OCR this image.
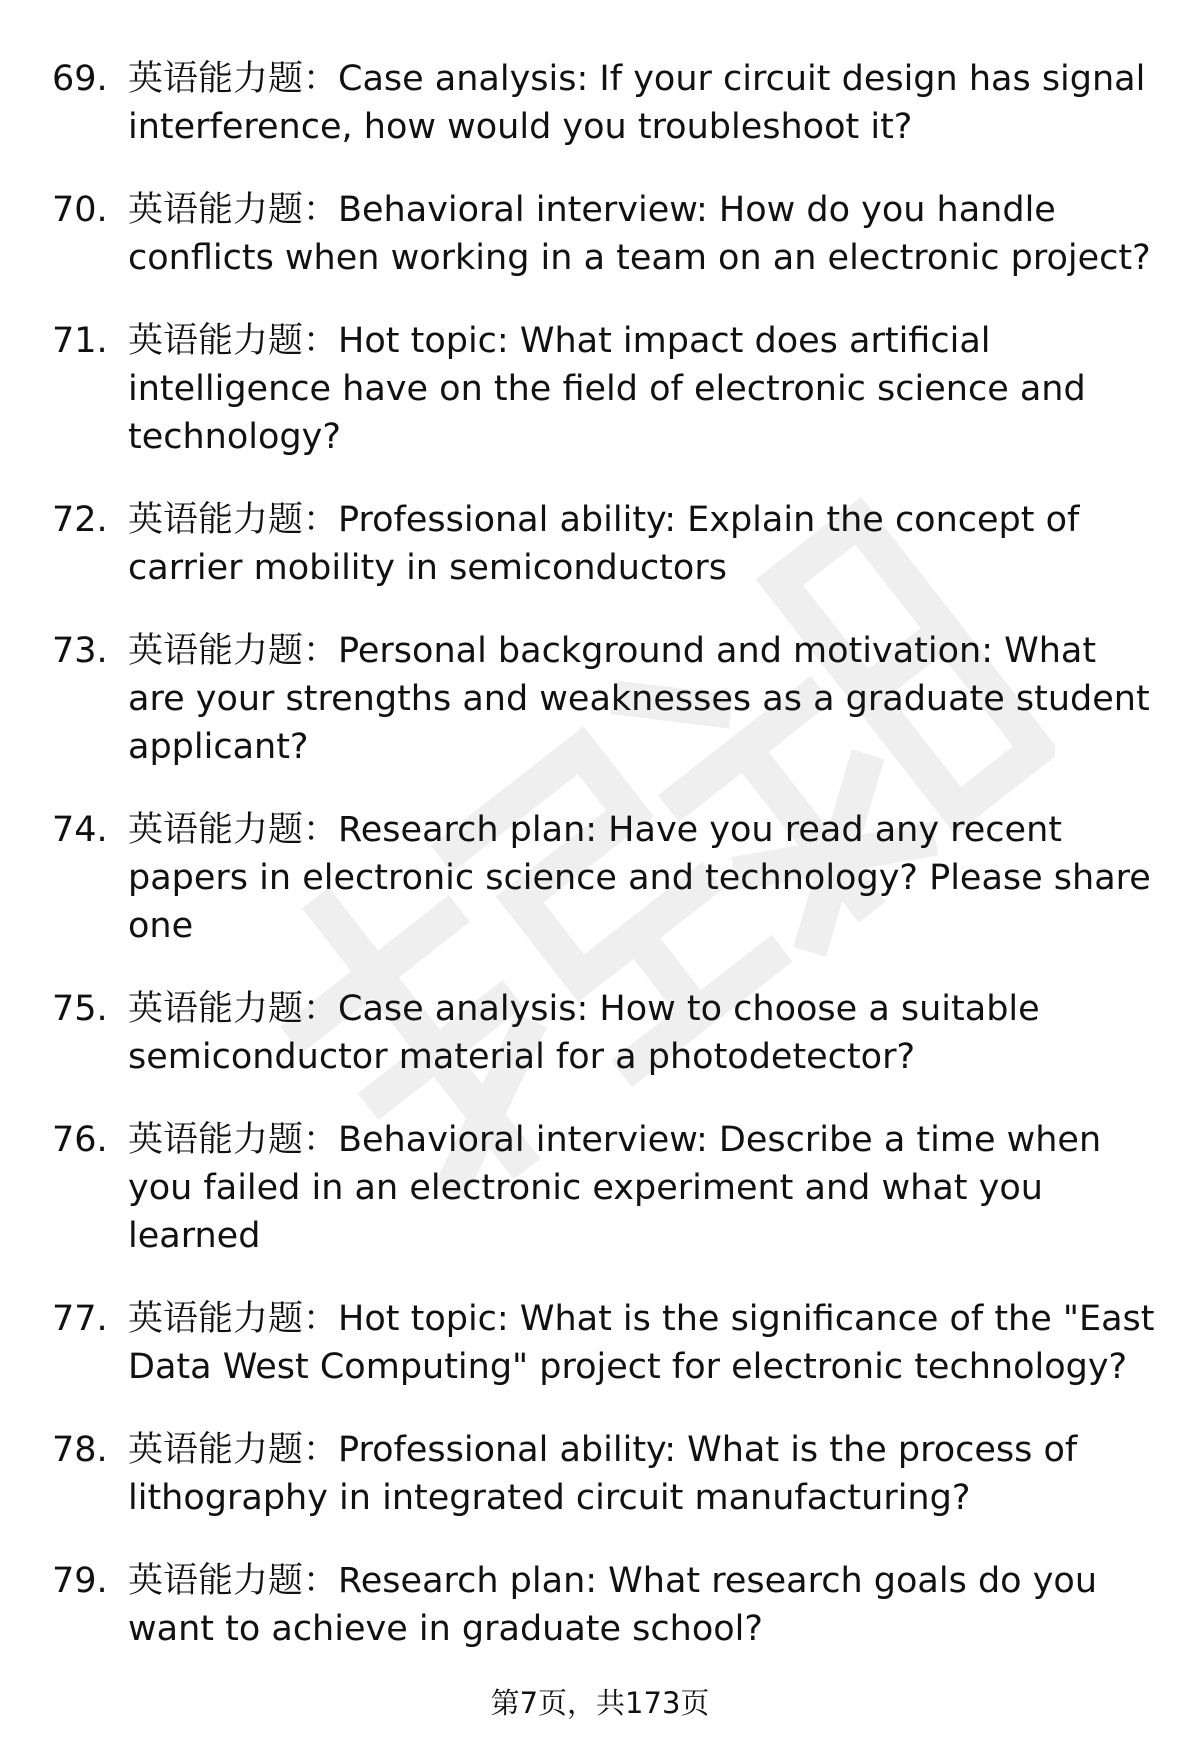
69. 英语能力题：Case analysis: If your circuit design has signal interference, how would you troubleshoot it?
70. 英语能力题：Behavioral interview: How do you handle conflicts when working in a team on an electronic project?
71. 英语能力题：Hot topic: What impact does artificial intelligence have on the field of electronic science and technology?
72. 英语能力题：Professional ability: Explain the concept of carrier mobility in semiconductors
73. 英语能力题：Personal background and motivation: What are your strengths and weaknesses as a graduate student applicant?
74. 英语能力题：Research plan: Have you read any recent papers in electronic science and technology? Please share one
75. 英语能力题：Case analysis: How to choose a suitable semiconductor material for a photodetector?
76. 英语能力题：Behavioral interview: Describe a time when you failed in an electronic experiment and what you learned
77. 英语能力题：Hot topic: What is the significance of the "East Data West Computing" project for electronic technology?
78. 英语能力题：Professional ability: What is the process of lithography in integrated circuit manufacturing?
79. 英语能力题：Research plan: What research goals do you want to achieve in graduate school?
第7页，共173页
